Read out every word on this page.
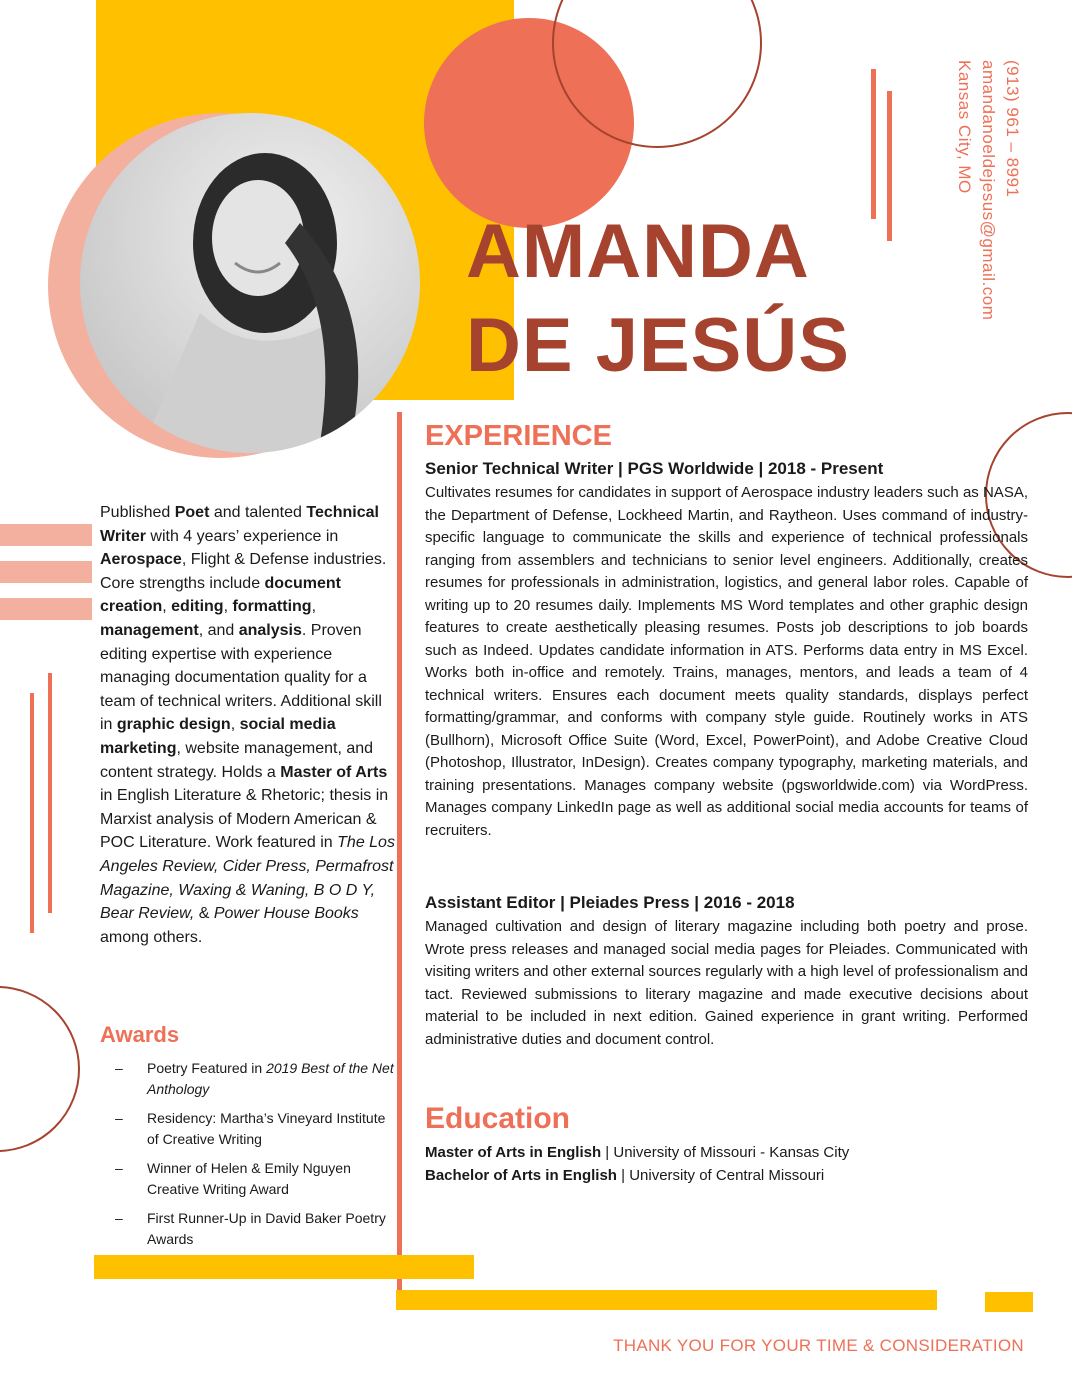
AMANDA
DE JESÚS
(913) 961 – 8991
amandanoeldejesus@gmail.com
Kansas City, MO
Published Poet and talented Technical Writer with 4 years’ experience in Aerospace, Flight & Defense industries. Core strengths include document creation, editing, formatting, management, and analysis. Proven editing expertise with experience managing documentation quality for a team of technical writers. Additional skill in graphic design, social media marketing, website management, and content strategy. Holds a Master of Arts in English Literature & Rhetoric; thesis in Marxist analysis of Modern American & POC Literature. Work featured in The Los Angeles Review, Cider Press, Permafrost Magazine, Waxing & Waning, B O D Y, Bear Review, & Power House Books among others.
Awards
– Poetry Featured in 2019 Best of the Net Anthology
– Residency: Martha’s Vineyard Institute of Creative Writing
– Winner of Helen & Emily Nguyen Creative Writing Award
– First Runner-Up in David Baker Poetry Awards
EXPERIENCE
Senior Technical Writer | PGS Worldwide | 2018 - Present

Cultivates resumes for candidates in support of Aerospace industry leaders such as NASA, the Department of Defense, Lockheed Martin, and Raytheon. Uses command of industry-specific language to communicate the skills and experience of technical professionals ranging from assemblers and technicians to senior level engineers. Additionally, creates resumes for professionals in administration, logistics, and general labor roles. Capable of writing up to 20 resumes daily. Implements MS Word templates and other graphic design features to create aesthetically pleasing resumes. Posts job descriptions to job boards such as Indeed. Updates candidate information in ATS. Performs data entry in MS Excel. Works both in-office and remotely. Trains, manages, mentors, and leads a team of 4 technical writers. Ensures each document meets quality standards, displays perfect formatting/grammar, and conforms with company style guide. Routinely works in ATS (Bullhorn), Microsoft Office Suite (Word, Excel, PowerPoint), and Adobe Creative Cloud (Photoshop, Illustrator, InDesign). Creates company typography, marketing materials, and training presentations. Manages company website (pgsworldwide.com) via WordPress. Manages company LinkedIn page as well as additional social media accounts for teams of recruiters.

Assistant Editor | Pleiades Press | 2016 - 2018

Managed cultivation and design of literary magazine including both poetry and prose. Wrote press releases and managed social media pages for Pleiades. Communicated with visiting writers and other external sources regularly with a high level of professionalism and tact. Reviewed submissions to literary magazine and made executive decisions about material to be included in next edition. Gained experience in grant writing. Performed administrative duties and document control.

Education
Master of Arts in English | University of Missouri - Kansas City
Bachelor of Arts in English | University of Central Missouri
THANK YOU FOR YOUR TIME & CONSIDERATION
